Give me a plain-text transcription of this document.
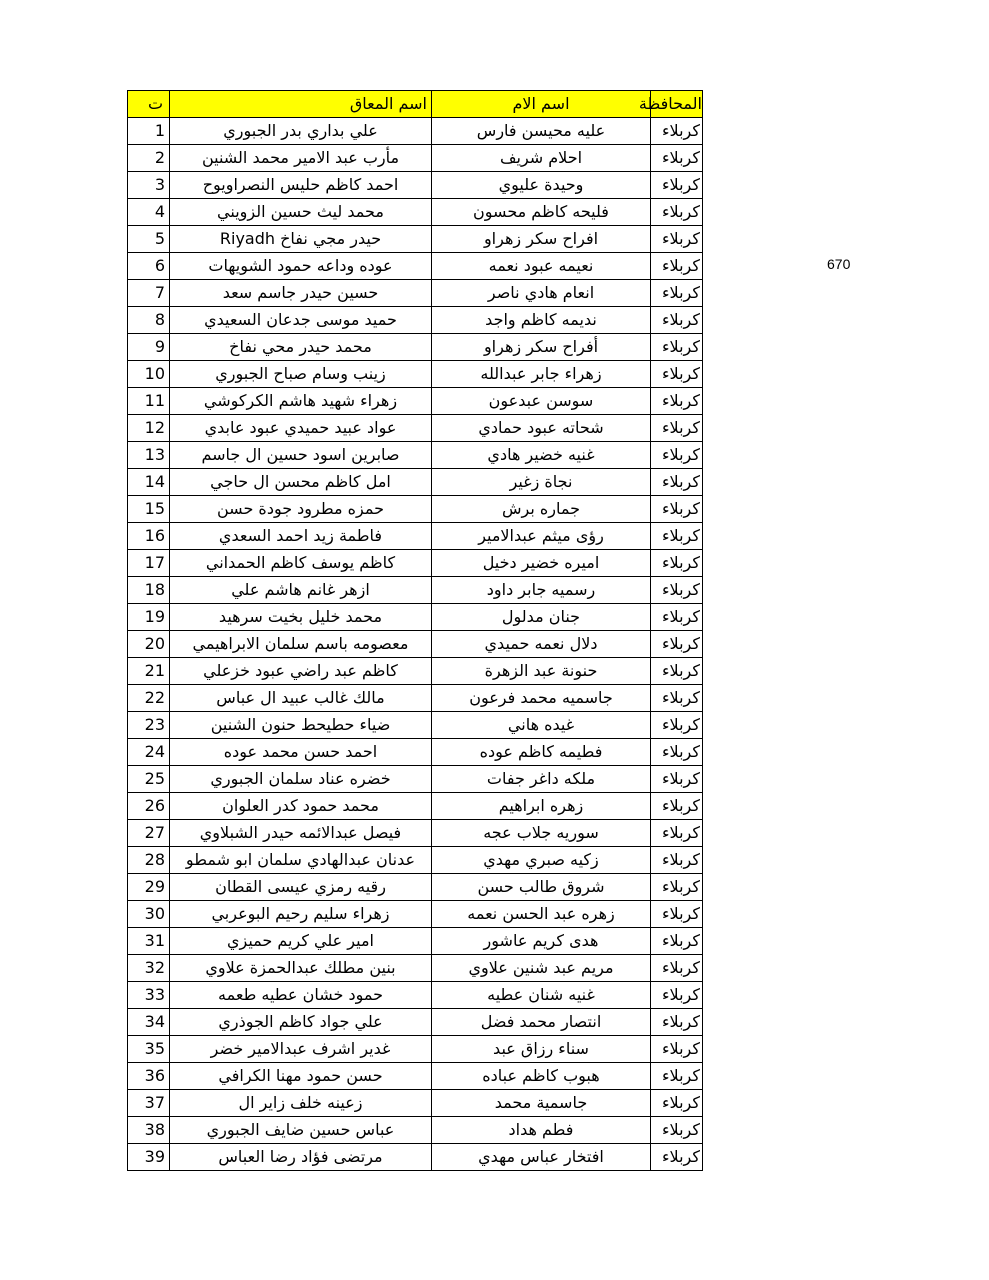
ت	اسم المعاق	اسم الام	المحافظة
1	علي بداري بدر الجبوري	عليه محيسن فارس	كربلاء
2	مأرب عبد الامير محمد الشنين	احلام شريف	كربلاء
3	احمد كاظم حليس النصراويوح	وحيدة عليوي	كربلاء
4	محمد ليث حسين الزويني	فليحه كاظم محسون	كربلاء
5	حيدر مجي نفاخ Riyadh	افراح سكر زهراو	كربلاء
6	عوده وداعه حمود الشويهات	نعيمه عبود نعمه	كربلاء
7	حسين حيدر جاسم سعد	انعام هادي ناصر	كربلاء
8	حميد موسى جدعان السعيدي	نديمه كاظم واجد	كربلاء
9	محمد حيدر محي نفاخ	أفراح سكر زهراو	كربلاء
10	زينب وسام صباح الجبوري	زهراء جابر عبدالله	كربلاء
11	زهراء شهيد هاشم الكركوشي	سوسن عبدعون	كربلاء
12	عواد عبيد حميدي عبود عابدي	شحاته عبود حمادي	كربلاء
13	صابرين اسود حسين ال جاسم	غنيه خضير هادي	كربلاء
14	امل كاظم محسن ال حاجي	نجاة زغير	كربلاء
15	حمزه مطرود جودة حسن	جماره برش	كربلاء
16	فاطمة زيد احمد السعدي	رؤى ميثم عبدالامير	كربلاء
17	كاظم يوسف كاظم الحمداني	اميره خضير دخيل	كربلاء
18	ازهر غانم هاشم علي	رسميه جابر داود	كربلاء
19	محمد خليل بخيت سرهيد	جنان مدلول	كربلاء
20	معصومه باسم سلمان الابراهيمي	دلال نعمه حميدي	كربلاء
21	كاظم عبد راضي عبود خزعلي	حنونة عبد الزهرة	كربلاء
22	مالك غالب عبيد ال عباس	جاسميه محمد فرعون	كربلاء
23	ضياء حطيحط حنون الشنين	غيده هاني	كربلاء
24	احمد حسن محمد عوده	فطيمه كاظم عوده	كربلاء
25	خضره عناد سلمان الجبوري	ملكه داغر جفات	كربلاء
26	محمد حمود كدر العلوان	زهره ابراهيم	كربلاء
27	فيصل عبدالائمه حيدر الشبلاوي	سوريه جلاب عجه	كربلاء
28	عدنان عبدالهادي سلمان ابو شمطو	زكيه صبري مهدي	كربلاء
29	رقيه رمزي عيسى القطان	شروق طالب حسن	كربلاء
30	زهراء سليم رحيم البوعربي	زهره عبد الحسن نعمه	كربلاء
31	امير علي كريم حميزي	هدى كريم عاشور	كربلاء
32	بنين مطلك عبدالحمزة علاوي	مريم عبد شنين علاوي	كربلاء
33	حمود خشان عطيه طعمه	غنيه شنان عطيه	كربلاء
34	علي جواد كاظم الجوذري	انتصار محمد فضل	كربلاء
35	غدير اشرف عبدالامير خضر	سناء رزاق عبد	كربلاء
36	حسن حمود مهنا الكرافي	هبوب كاظم عباده	كربلاء
37	زعينه خلف زاير ال	جاسمية محمد	كربلاء
38	عباس حسين ضايف الجبوري	فطم هداد	كربلاء
39	مرتضى فؤاد رضا العباس	افتخار عباس مهدي	كربلاء
670
